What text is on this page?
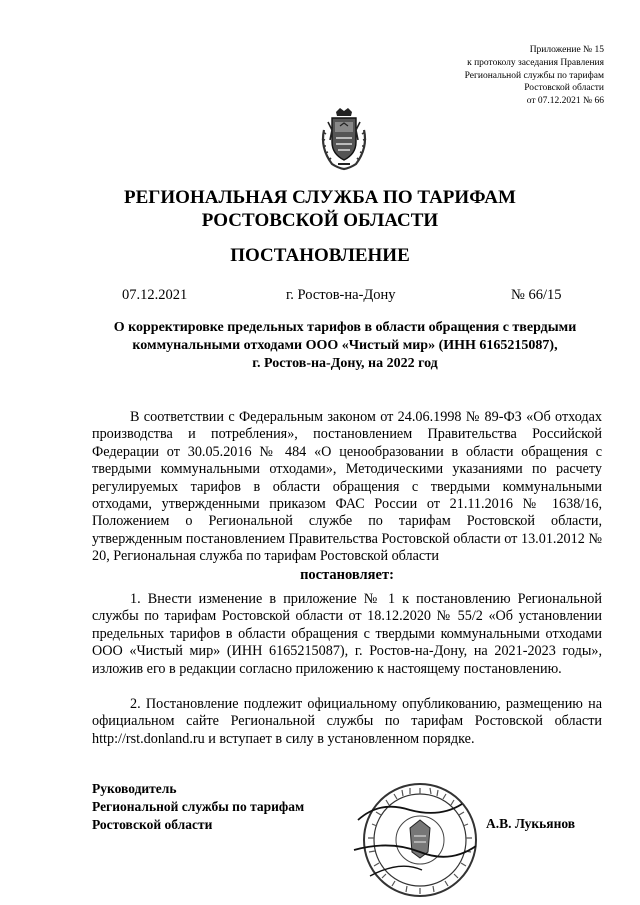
Приложение № 15
к протоколу заседания Правления
Региональной службы по тарифам
Ростовской области
от 07.12.2021 № 66
РЕГИОНАЛЬНАЯ СЛУЖБА ПО ТАРИФАМ
РОСТОВСКОЙ ОБЛАСТИ
ПОСТАНОВЛЕНИЕ
07.12.2021	г. Ростов-на-Дону	№ 66/15
О корректировке предельных тарифов в области обращения с твердыми
коммунальными отходами ООО «Чистый мир» (ИНН 6165215087),
г. Ростов-на-Дону, на 2022 год

В соответствии с Федеральным законом от 24.06.1998 № 89-ФЗ «Об отходах производства и потребления», постановлением Правительства Российской Федерации от 30.05.2016 № 484 «О ценообразовании в области обращения с твердыми коммунальными отходами», Методическими указаниями по расчету регулируемых тарифов в области обращения с твердыми коммунальными отходами, утвержденными приказом ФАС России от 21.11.2016 № 1638/16, Положением о Региональной службе по тарифам Ростовской области, утвержденным постановлением Правительства Ростовской области от 13.01.2012 № 20, Региональная служба по тарифам Ростовской области

постановляет:

1. Внести изменение в приложение № 1 к постановлению Региональной службы по тарифам Ростовской области от 18.12.2020 № 55/2 «Об установлении предельных тарифов в области обращения с твердыми коммунальными отходами ООО «Чистый мир» (ИНН 6165215087), г. Ростов-на-Дону, на 2021-2023 годы», изложив его в редакции согласно приложению к настоящему постановлению.

2. Постановление подлежит официальному опубликованию, размещению на официальном сайте Региональной службы по тарифам Ростовской области http://rst.donland.ru и вступает в силу в установленном порядке.

Руководитель
Региональной службы по тарифам
Ростовской области	А.В. Лукьянов
